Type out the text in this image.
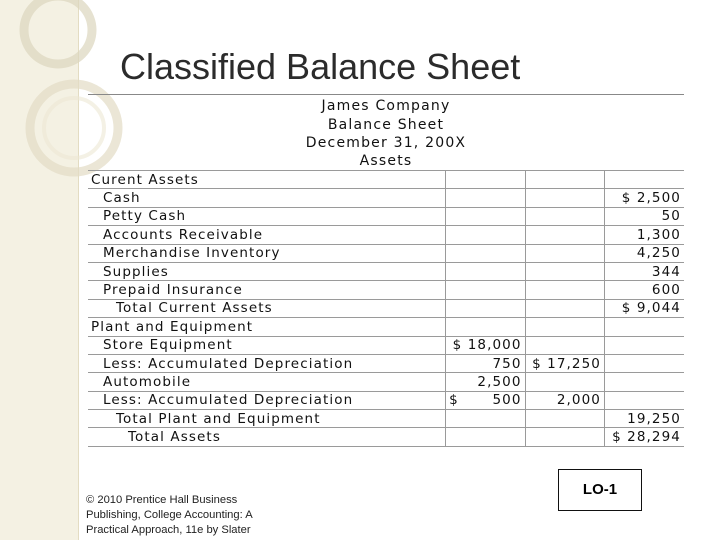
Classified Balance Sheet
James Company
Balance Sheet
December 31, 200X
Assets
Curent Assets			
Cash			$ 2,500
Petty Cash			50
Accounts Receivable			1,300
Merchandise Inventory			4,250
Supplies			344
Prepaid Insurance			600
Total Current Assets			$ 9,044
Plant and Equipment			
Store Equipment	$ 18,000		
Less: Accumulated Depreciation	750	$ 17,250	
Automobile	2,500		
Less: Accumulated Depreciation	$ 500	2,000	
Total Plant and Equipment			19,250
Total Assets			$ 28,294
© 2010 Prentice Hall Business
Publishing, College Accounting: A
Practical Approach, 11e by Slater
LO-1
